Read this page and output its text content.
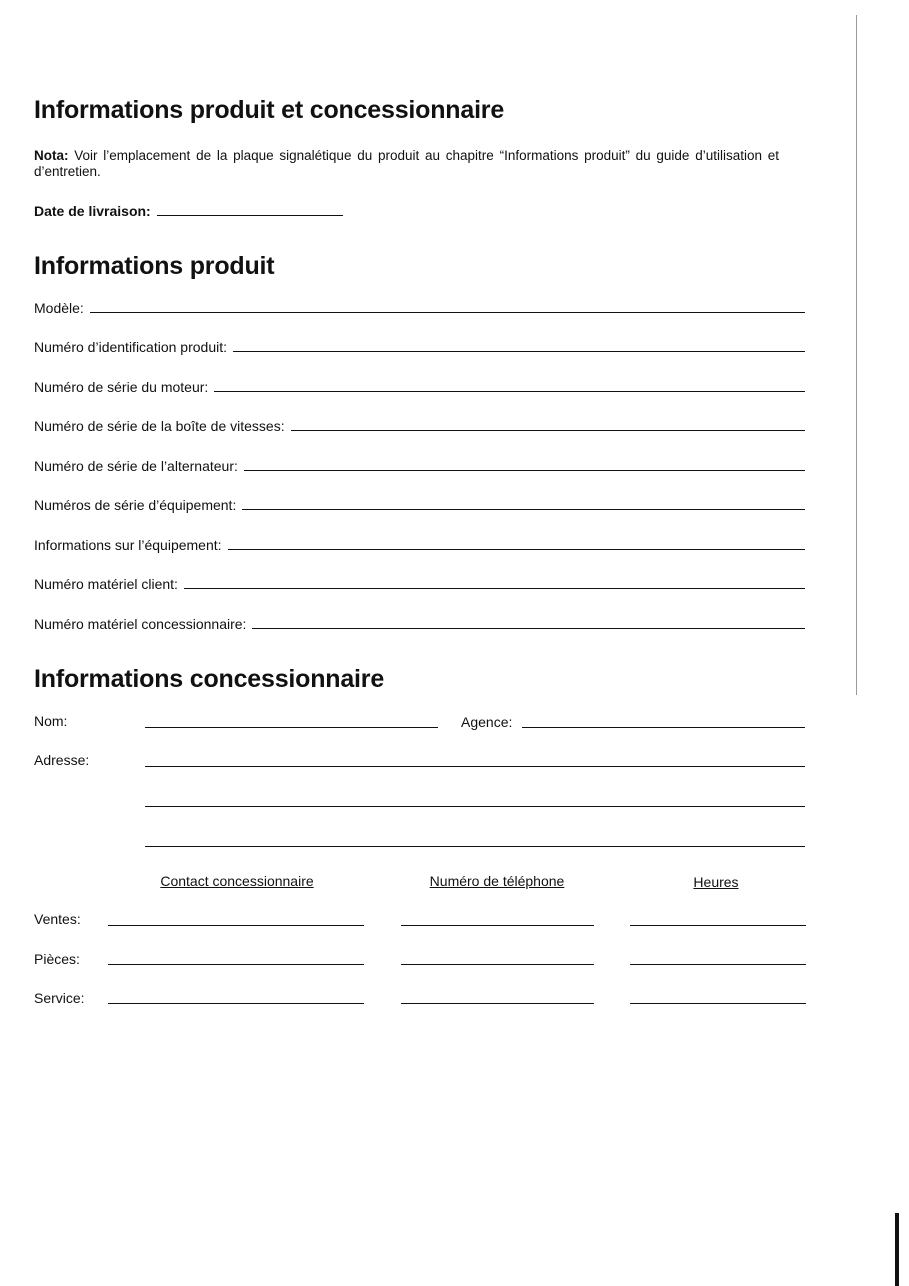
Informations produit et concessionnaire
Nota: Voir l’emplacement de la plaque signalétique du produit au chapitre “Informations produit” du guide d’utilisation et d’entretien.
Date de livraison:
Informations produit
Modèle:
Numéro d’identification produit:
Numéro de série du moteur:
Numéro de série de la boîte de vitesses:
Numéro de série de l’alternateur:
Numéros de série d’équipement:
Informations sur l’équipement:
Numéro matériel client:
Numéro matériel concessionnaire:
Informations concessionnaire
Nom:	Agence:
Adresse:
Contact concessionnaire	Numéro de téléphone	Heures
Ventes:
Pièces:
Service:
